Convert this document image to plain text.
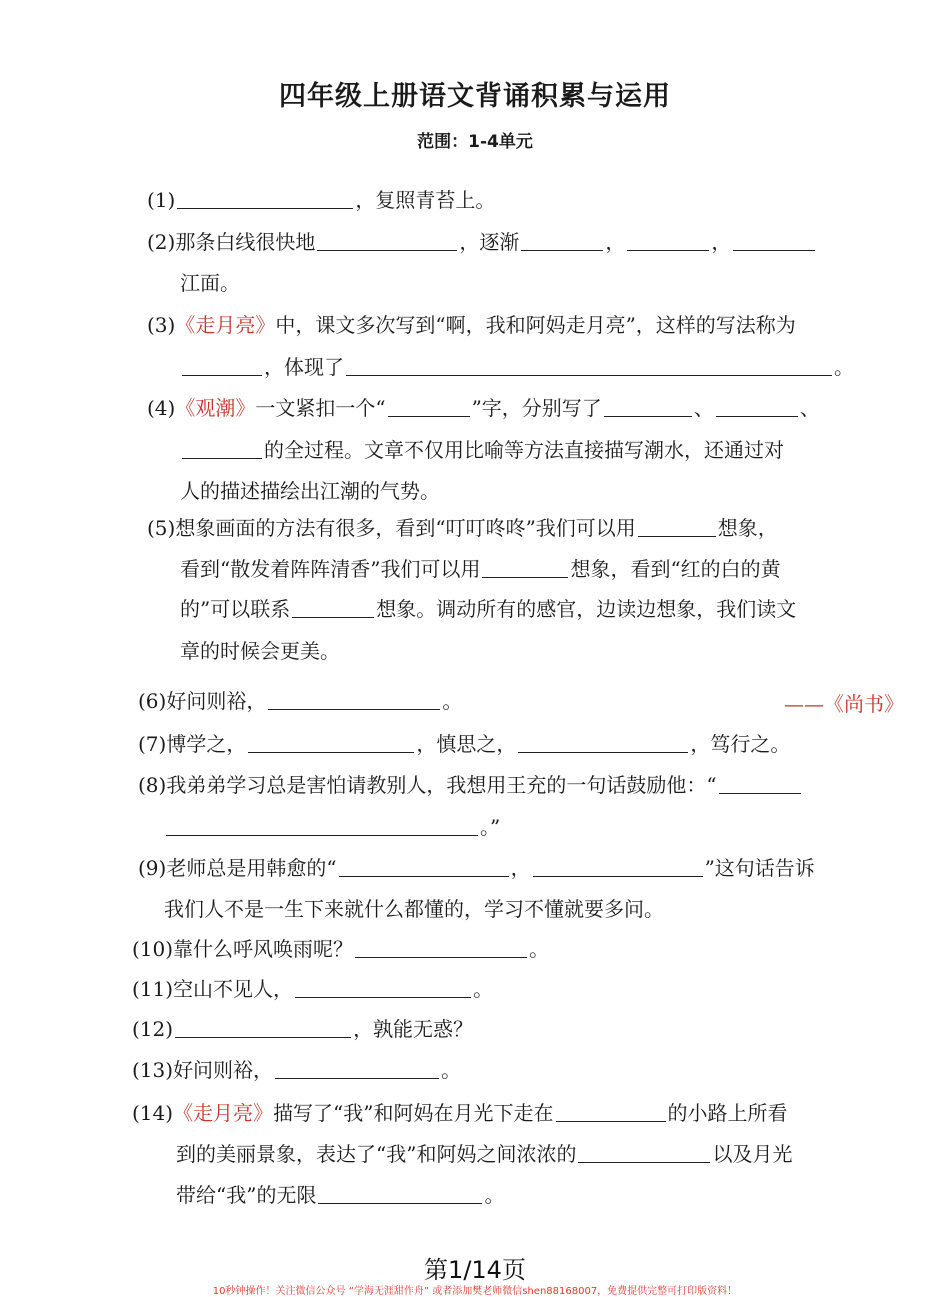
四年级上册语文背诵积累与运用
范围：1-4单元
(1)	，复照青苔上。
(2)那条白线很快地	，逐渐	，	，
江面。
(3)《走月亮》中，课文多次写到“啊，我和阿妈走月亮”，这样的写法称为
，体现了	。
(4)《观潮》一文紧扣一个“	”字，分别写了	、	、
的全过程。文章不仅用比喻等方法直接描写潮水，还通过对
人的描述描绘出江潮的气势。
(5)想象画面的方法有很多，看到“叮叮咚咚”我们可以用	想象，
看到“散发着阵阵清香”我们可以用	想象，看到“红的白的黄
的”可以联系	想象。调动所有的感官，边读边想象，我们读文
章的时候会更美。
(6)好问则裕，	。	——《尚书》
(7)博学之，	，慎思之，	，笃行之。
(8)我弟弟学习总是害怕请教别人，我想用王充的一句话鼓励他：“
。”
(9)老师总是用韩愈的“	，	”这句话告诉
我们人不是一生下来就什么都懂的，学习不懂就要多问。
(10)靠什么呼风唤雨呢？	。
(11)空山不见人，	。
(12)	，孰能无惑？
(13)好问则裕，	。
(14)《走月亮》描写了“我”和阿妈在月光下走在	的小路上所看
到的美丽景象，表达了“我”和阿妈之间浓浓的	以及月光
带给“我”的无限	。
第1/14页
10秒钟操作！关注微信公众号 “学海无涯甜作舟” 或者添加樊老师微信shen88168007，免费提供完整可打印版资料！
